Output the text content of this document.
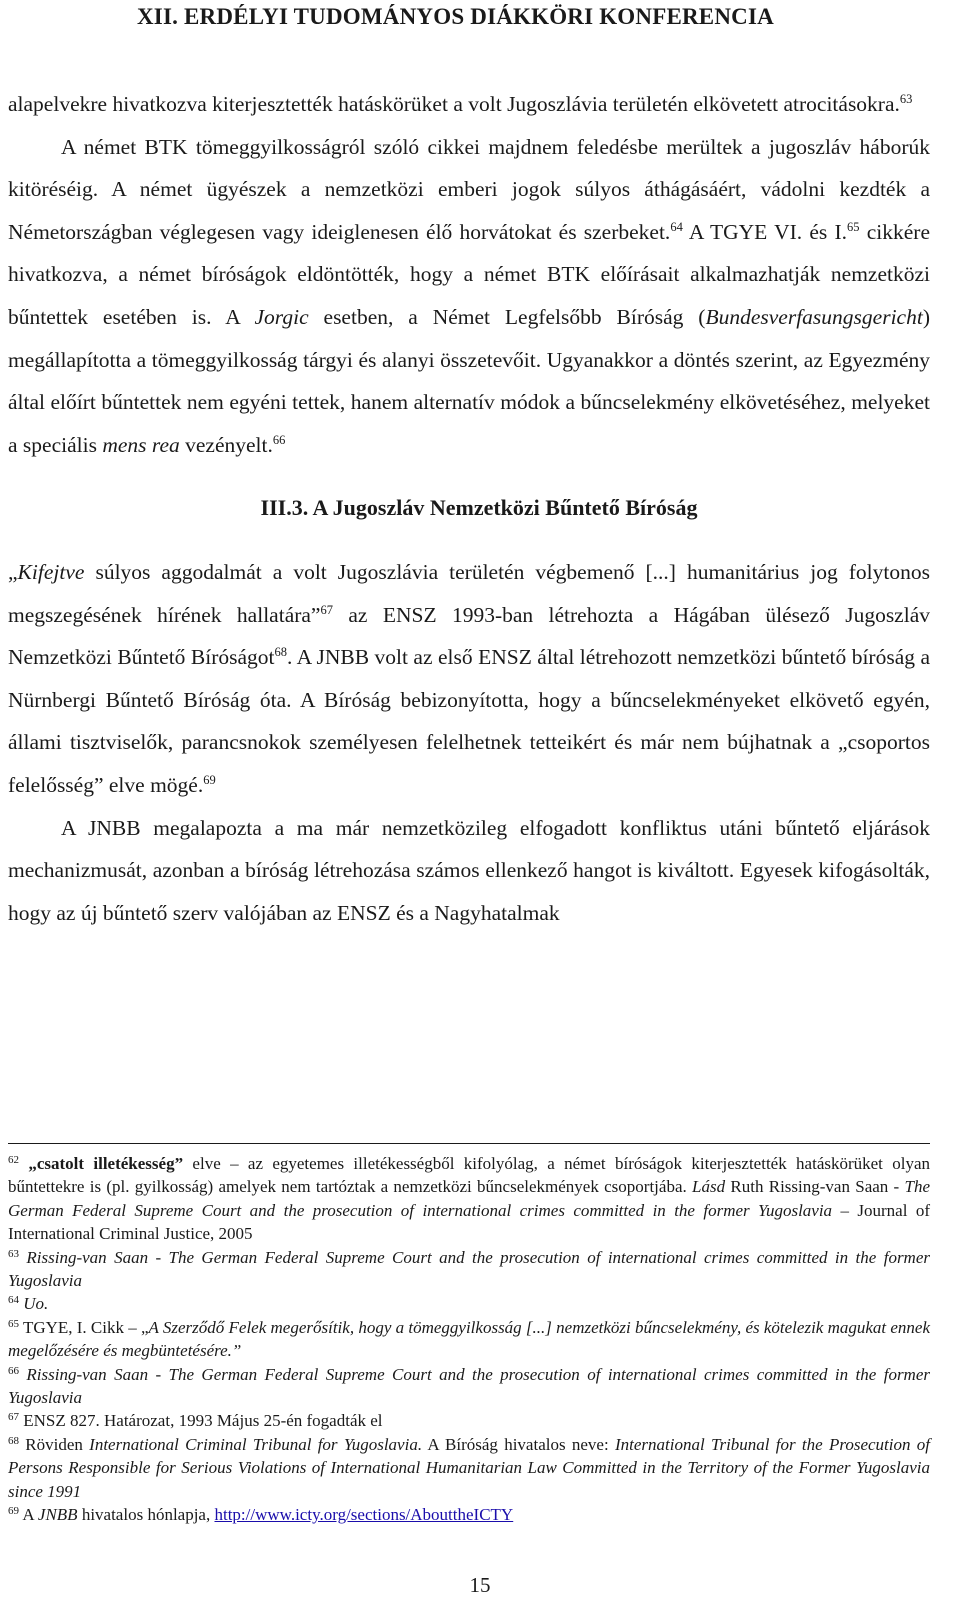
XII. ERDÉLYI TUDOMÁNYOS DIÁKKÖRI KONFERENCIA

alapelvekre hivatkozva kiterjesztették hatáskörüket a volt Jugoszlávia területén elkövetett atrocitásokra.$^{63}$

A német BTK tömeggyilkosságról szóló cikkei majdnem feledésbe merültek a jugoszláv háborúk kitöréséig. A német ügyészek a nemzetközi emberi jogok súlyos áthágásáért, vádolni kezdték a Németországban véglegesen vagy ideiglenesen élő horvátokat és szerbeket.$^{64}$ A TGYE VI. és I.$^{65}$ cikkére hivatkozva, a német bíróságok eldöntötték, hogy a német BTK előírásait alkalmazhatják nemzetközi bűntettek esetében is. A Jorgic esetben, a Német Legfelsőbb Bíróság (Bundesverfasungsgericht) megállapította a tömeggyilkosság tárgyi és alanyi összetevőit. Ugyanakkor a döntés szerint, az Egyezmény által előírt bűntettek nem egyéni tettek, hanem alternatív módok a bűncselekmény elkövetéséhez, melyeket a speciális mens rea vezényelt.$^{66}$

III.3. A Jugoszláv Nemzetközi Bűntető Bíróság

„Kifejtve súlyos aggodalmát a volt Jugoszlávia területén végbemenő [...] humanitárius jog folytonos megszegésének hírének hallatára”$^{67}$ az ENSZ 1993-ban létrehozta a Hágában ülésező Jugoszláv Nemzetközi Bűntető Bíróságot$^{68}$. A JNBB volt az első ENSZ által létrehozott nemzetközi bűntető bíróság a Nürnbergi Bűntető Bíróság óta. A Bíróság bebizonyította, hogy a bűncselekményeket elkövető egyén, állami tisztviselők, parancsnokok személyesen felelhetnek tetteikért és már nem bújhatnak a „csoportos felelősség” elve mögé.$^{69}$

A JNBB megalapozta a ma már nemzetközileg elfogadott konfliktus utáni bűntető eljárások mechanizmusát, azonban a bíróság létrehozása számos ellenkező hangot is kiváltott. Egyesek kifogásolták, hogy az új bűntető szerv valójában az ENSZ és a Nagyhatalmak

$^{62}$ „csatolt illetékesség” elve – az egyetemes illetékességből kifolyólag, a német bíróságok kiterjesztették hatáskörüket olyan bűntettekre is (pl. gyilkosság) amelyek nem tartóztak a nemzetközi bűncselekmények csoportjába. Lásd Ruth Rissing-van Saan - The German Federal Supreme Court and the prosecution of international crimes committed in the former Yugoslavia – Journal of International Criminal Justice, 2005

$^{63}$ Rissing-van Saan - The German Federal Supreme Court and the prosecution of international crimes committed in the former Yugoslavia

$^{64}$ Uo.

$^{65}$ TGYE, I. Cikk – „A Szerződő Felek megerősítik, hogy a tömeggyilkosság [...] nemzetközi bűncselekmény, és kötelezik magukat ennek megelőzésére és megbüntetésére.”

$^{66}$ Rissing-van Saan - The German Federal Supreme Court and the prosecution of international crimes committed in the former Yugoslavia

$^{67}$ ENSZ 827. Határozat, 1993 Május 25-én fogadták el

$^{68}$ Röviden International Criminal Tribunal for Yugoslavia. A Bíróság hivatalos neve: International Tribunal for the Prosecution of Persons Responsible for Serious Violations of International Humanitarian Law Committed in the Territory of the Former Yugoslavia since 1991

$^{69}$ A JNBB hivatalos hónlapja, http://www.icty.org/sections/AbouttheICTY

15
